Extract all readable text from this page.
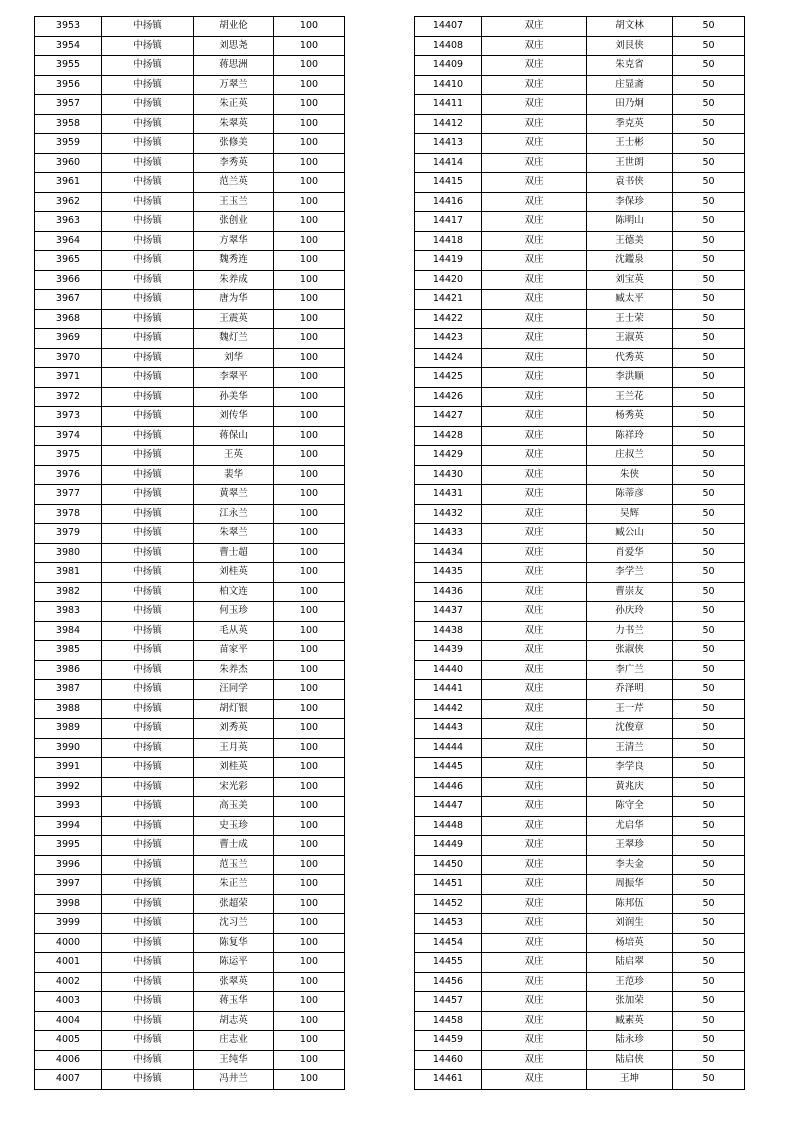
3953	中扬镇	胡业伦	100
3954	中扬镇	刘思尧	100
3955	中扬镇	蒋思洲	100
3956	中扬镇	万翠兰	100
3957	中扬镇	朱正英	100
3958	中扬镇	朱翠英	100
3959	中扬镇	张修美	100
3960	中扬镇	李秀英	100
3961	中扬镇	范兰英	100
3962	中扬镇	王玉兰	100
3963	中扬镇	张创业	100
3964	中扬镇	方翠华	100
3965	中扬镇	魏秀连	100
3966	中扬镇	朱养成	100
3967	中扬镇	唐为华	100
3968	中扬镇	王震英	100
3969	中扬镇	魏灯兰	100
3970	中扬镇	刘华	100
3971	中扬镇	李翠平	100
3972	中扬镇	孙美华	100
3973	中扬镇	刘传华	100
3974	中扬镇	蒋保山	100
3975	中扬镇	王英	100
3976	中扬镇	裴华	100
3977	中扬镇	黄翠兰	100
3978	中扬镇	江永兰	100
3979	中扬镇	朱翠兰	100
3980	中扬镇	曹士超	100
3981	中扬镇	刘桂英	100
3982	中扬镇	柏文连	100
3983	中扬镇	何玉珍	100
3984	中扬镇	毛从英	100
3985	中扬镇	苗家平	100
3986	中扬镇	朱养杰	100
3987	中扬镇	汪同学	100
3988	中扬镇	胡灯银	100
3989	中扬镇	刘秀英	100
3990	中扬镇	王月英	100
3991	中扬镇	刘桂英	100
3992	中扬镇	宋光彩	100
3993	中扬镇	高玉美	100
3994	中扬镇	史玉珍	100
3995	中扬镇	曹士成	100
3996	中扬镇	范玉兰	100
3997	中扬镇	朱正兰	100
3998	中扬镇	张超荣	100
3999	中扬镇	沈习兰	100
4000	中扬镇	陈复华	100
4001	中扬镇	陈运平	100
4002	中扬镇	张翠英	100
4003	中扬镇	蒋玉华	100
4004	中扬镇	胡志英	100
4005	中扬镇	庄志业	100
4006	中扬镇	王纯华	100
4007	中扬镇	冯井兰	100
14407	双庄	胡文林	50
14408	双庄	刘艮侠	50
14409	双庄	朱克省	50
14410	双庄	庄显斋	50
14411	双庄	田乃炯	50
14412	双庄	季克英	50
14413	双庄	王士彬	50
14414	双庄	王世朗	50
14415	双庄	袁书侠	50
14416	双庄	李保珍	50
14417	双庄	陈明山	50
14418	双庄	王德美	50
14419	双庄	沈鑑泉	50
14420	双庄	刘宝英	50
14421	双庄	臧太平	50
14422	双庄	王士荣	50
14423	双庄	王淑英	50
14424	双庄	代秀英	50
14425	双庄	李洪顺	50
14426	双庄	王兰花	50
14427	双庄	杨秀英	50
14428	双庄	陈祥玲	50
14429	双庄	庄叔兰	50
14430	双庄	朱侠	50
14431	双庄	陈蒂彦	50
14432	双庄	吴辉	50
14433	双庄	臧公山	50
14434	双庄	肖爱华	50
14435	双庄	李学兰	50
14436	双庄	曹崇友	50
14437	双庄	孙庆玲	50
14438	双庄	力书兰	50
14439	双庄	张淑侠	50
14440	双庄	李广兰	50
14441	双庄	乔泽明	50
14442	双庄	王一芹	50
14443	双庄	沈俊章	50
14444	双庄	王清兰	50
14445	双庄	李学良	50
14446	双庄	黄兆庆	50
14447	双庄	陈守全	50
14448	双庄	尤启华	50
14449	双庄	王翠珍	50
14450	双庄	李夫金	50
14451	双庄	周振华	50
14452	双庄	陈邦伍	50
14453	双庄	刘润生	50
14454	双庄	杨培英	50
14455	双庄	陆启翠	50
14456	双庄	王范珍	50
14457	双庄	张加荣	50
14458	双庄	臧素英	50
14459	双庄	陆永珍	50
14460	双庄	陆启侠	50
14461	双庄	王坤	50
